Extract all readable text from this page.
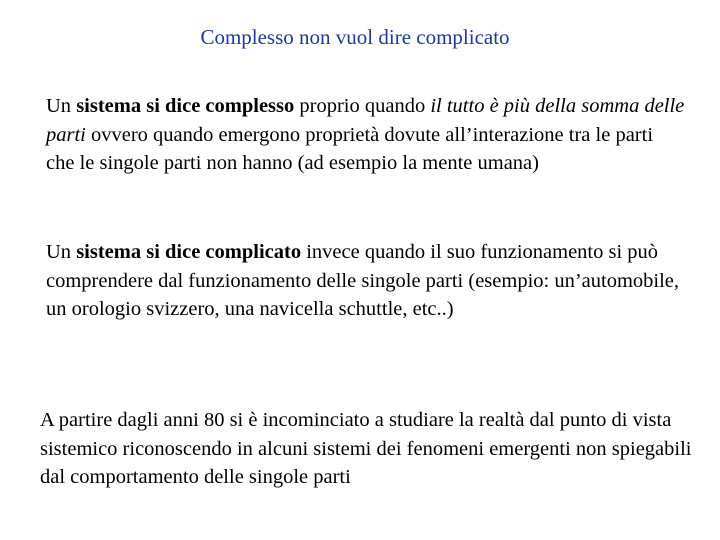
Complesso non vuol dire complicato

Un sistema si dice complesso proprio quando il tutto è più della somma delle parti ovvero quando emergono proprietà dovute all’interazione tra le parti che le singole parti non hanno (ad esempio la mente umana)

Un sistema si dice complicato invece quando il suo funzionamento si può comprendere dal funzionamento delle singole parti (esempio: un’automobile, un orologio svizzero, una navicella schuttle, etc..)

A partire dagli anni 80 si è incominciato a studiare la realtà dal punto di vista sistemico riconoscendo in alcuni sistemi dei fenomeni emergenti non spiegabili dal comportamento delle singole parti
